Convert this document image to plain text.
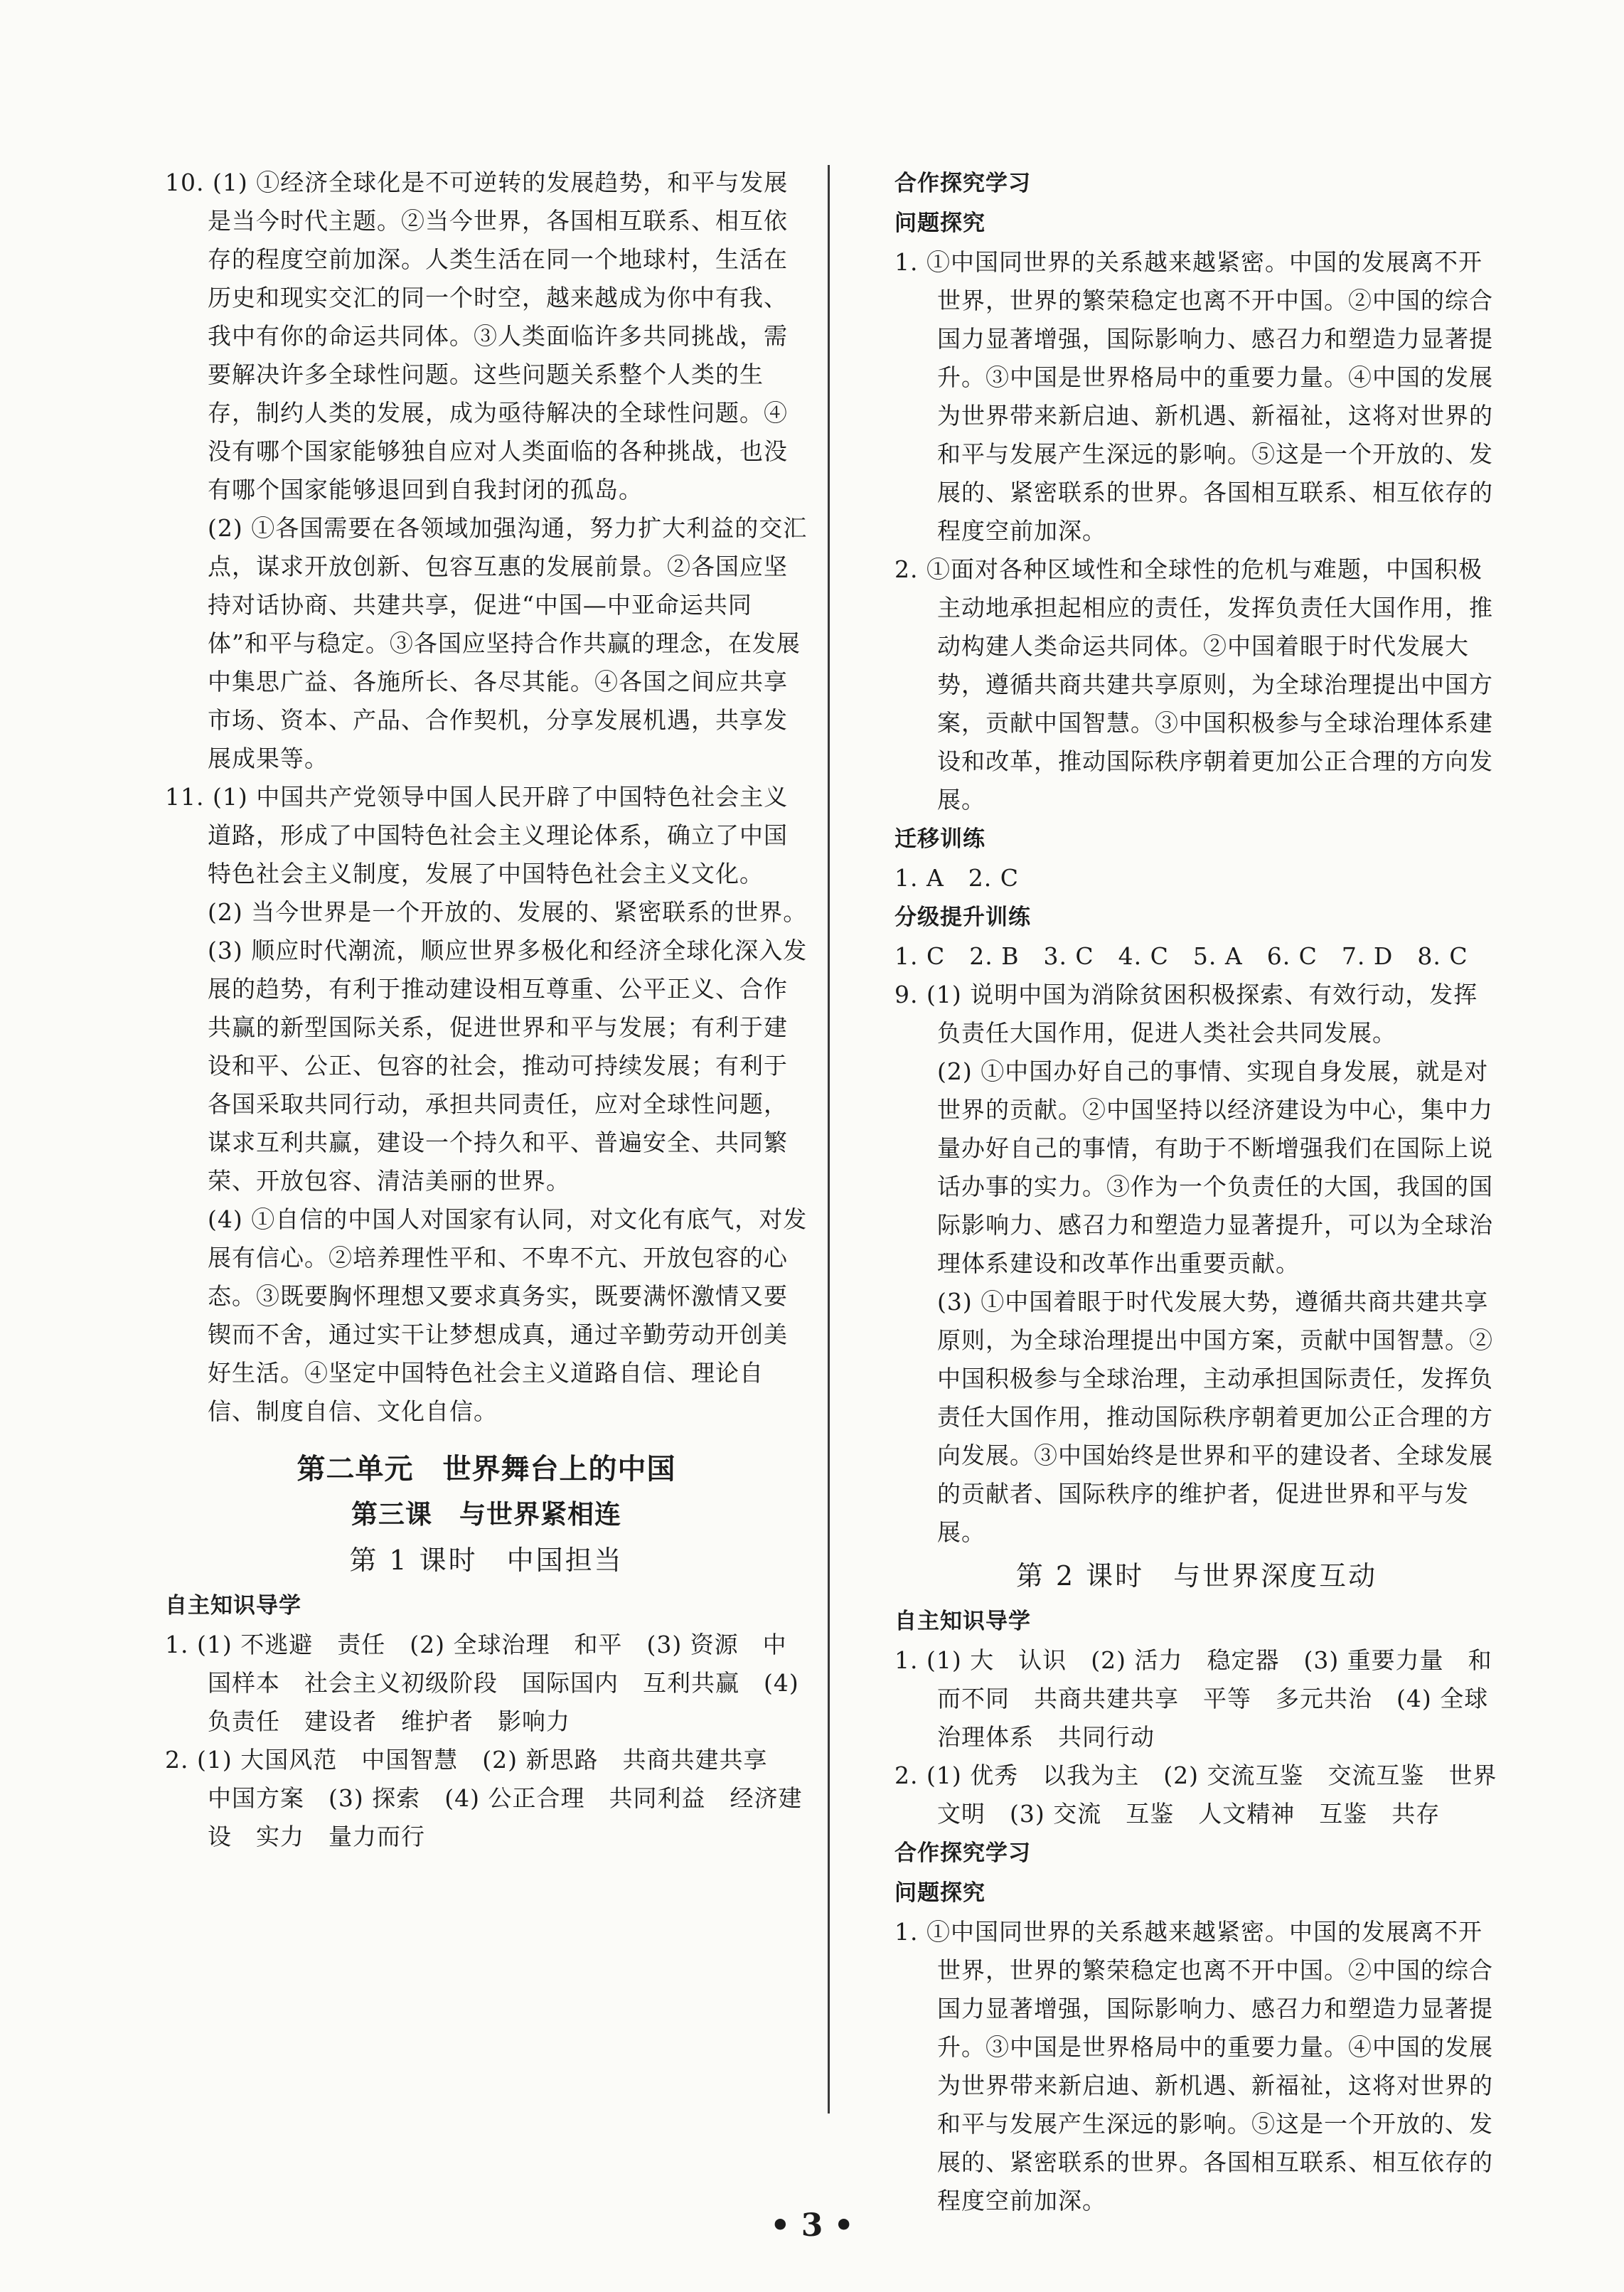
10. (1) ①经济全球化是不可逆转的发展趋势，和平与发展是当今时代主题。②当今世界，各国相互联系、相互依存的程度空前加深。人类生活在同一个地球村，生活在历史和现实交汇的同一个时空，越来越成为你中有我、我中有你的命运共同体。③人类面临许多共同挑战，需要解决许多全球性问题。这些问题关系整个人类的生存，制约人类的发展，成为亟待解决的全球性问题。④没有哪个国家能够独自应对人类面临的各种挑战，也没有哪个国家能够退回到自我封闭的孤岛。

(2) ①各国需要在各领域加强沟通，努力扩大利益的交汇点，谋求开放创新、包容互惠的发展前景。②各国应坚持对话协商、共建共享，促进“中国—中亚命运共同体”和平与稳定。③各国应坚持合作共赢的理念，在发展中集思广益、各施所长、各尽其能。④各国之间应共享市场、资本、产品、合作契机，分享发展机遇，共享发展成果等。

11. (1) 中国共产党领导中国人民开辟了中国特色社会主义道路，形成了中国特色社会主义理论体系，确立了中国特色社会主义制度，发展了中国特色社会主义文化。

(2) 当今世界是一个开放的、发展的、紧密联系的世界。

(3) 顺应时代潮流，顺应世界多极化和经济全球化深入发展的趋势，有利于推动建设相互尊重、公平正义、合作共赢的新型国际关系，促进世界和平与发展；有利于建设和平、公正、包容的社会，推动可持续发展；有利于各国采取共同行动，承担共同责任，应对全球性问题，谋求互利共赢，建设一个持久和平、普遍安全、共同繁荣、开放包容、清洁美丽的世界。

(4) ①自信的中国人对国家有认同，对文化有底气，对发展有信心。②培养理性平和、不卑不亢、开放包容的心态。③既要胸怀理想又要求真务实，既要满怀激情又要锲而不舍，通过实干让梦想成真，通过辛勤劳动开创美好生活。④坚定中国特色社会主义道路自信、理论自信、制度自信、文化自信。

第二单元　世界舞台上的中国

第三课　与世界紧相连

第 1 课时　中国担当

自主知识导学

1. (1) 不逃避　责任　(2) 全球治理　和平　(3) 资源　中国样本　社会主义初级阶段　国际国内　互利共赢　(4) 负责任　建设者　维护者　影响力

2. (1) 大国风范　中国智慧　(2) 新思路　共商共建共享　中国方案　(3) 探索　(4) 公正合理　共同利益　经济建设　实力　量力而行

合作探究学习

问题探究

1. ①中国同世界的关系越来越紧密。中国的发展离不开世界，世界的繁荣稳定也离不开中国。②中国的综合国力显著增强，国际影响力、感召力和塑造力显著提升。③中国是世界格局中的重要力量。④中国的发展为世界带来新启迪、新机遇、新福祉，这将对世界的和平与发展产生深远的影响。⑤这是一个开放的、发展的、紧密联系的世界。各国相互联系、相互依存的程度空前加深。

2. ①面对各种区域性和全球性的危机与难题，中国积极主动地承担起相应的责任，发挥负责任大国作用，推动构建人类命运共同体。②中国着眼于时代发展大势，遵循共商共建共享原则，为全球治理提出中国方案，贡献中国智慧。③中国积极参与全球治理体系建设和改革，推动国际秩序朝着更加公正合理的方向发展。

迁移训练

1. A　2. C

分级提升训练

1. C　2. B　3. C　4. C　5. A　6. C　7. D　8. C

9. (1) 说明中国为消除贫困积极探索、有效行动，发挥负责任大国作用，促进人类社会共同发展。

(2) ①中国办好自己的事情、实现自身发展，就是对世界的贡献。②中国坚持以经济建设为中心，集中力量办好自己的事情，有助于不断增强我们在国际上说话办事的实力。③作为一个负责任的大国，我国的国际影响力、感召力和塑造力显著提升，可以为全球治理体系建设和改革作出重要贡献。

(3) ①中国着眼于时代发展大势，遵循共商共建共享原则，为全球治理提出中国方案，贡献中国智慧。②中国积极参与全球治理，主动承担国际责任，发挥负责任大国作用，推动国际秩序朝着更加公正合理的方向发展。③中国始终是世界和平的建设者、全球发展的贡献者、国际秩序的维护者，促进世界和平与发展。

第 2 课时　与世界深度互动

自主知识导学

1. (1) 大　认识　(2) 活力　稳定器　(3) 重要力量　和而不同　共商共建共享　平等　多元共治　(4) 全球治理体系　共同行动

2. (1) 优秀　以我为主　(2) 交流互鉴　交流互鉴　世界文明　(3) 交流　互鉴　人文精神　互鉴　共存

合作探究学习

问题探究

1. ①中国同世界的关系越来越紧密。中国的发展离不开世界，世界的繁荣稳定也离不开中国。②中国的综合国力显著增强，国际影响力、感召力和塑造力显著提升。③中国是世界格局中的重要力量。④中国的发展为世界带来新启迪、新机遇、新福祉，这将对世界的和平与发展产生深远的影响。⑤这是一个开放的、发展的、紧密联系的世界。各国相互联系、相互依存的程度空前加深。

• 3 •
